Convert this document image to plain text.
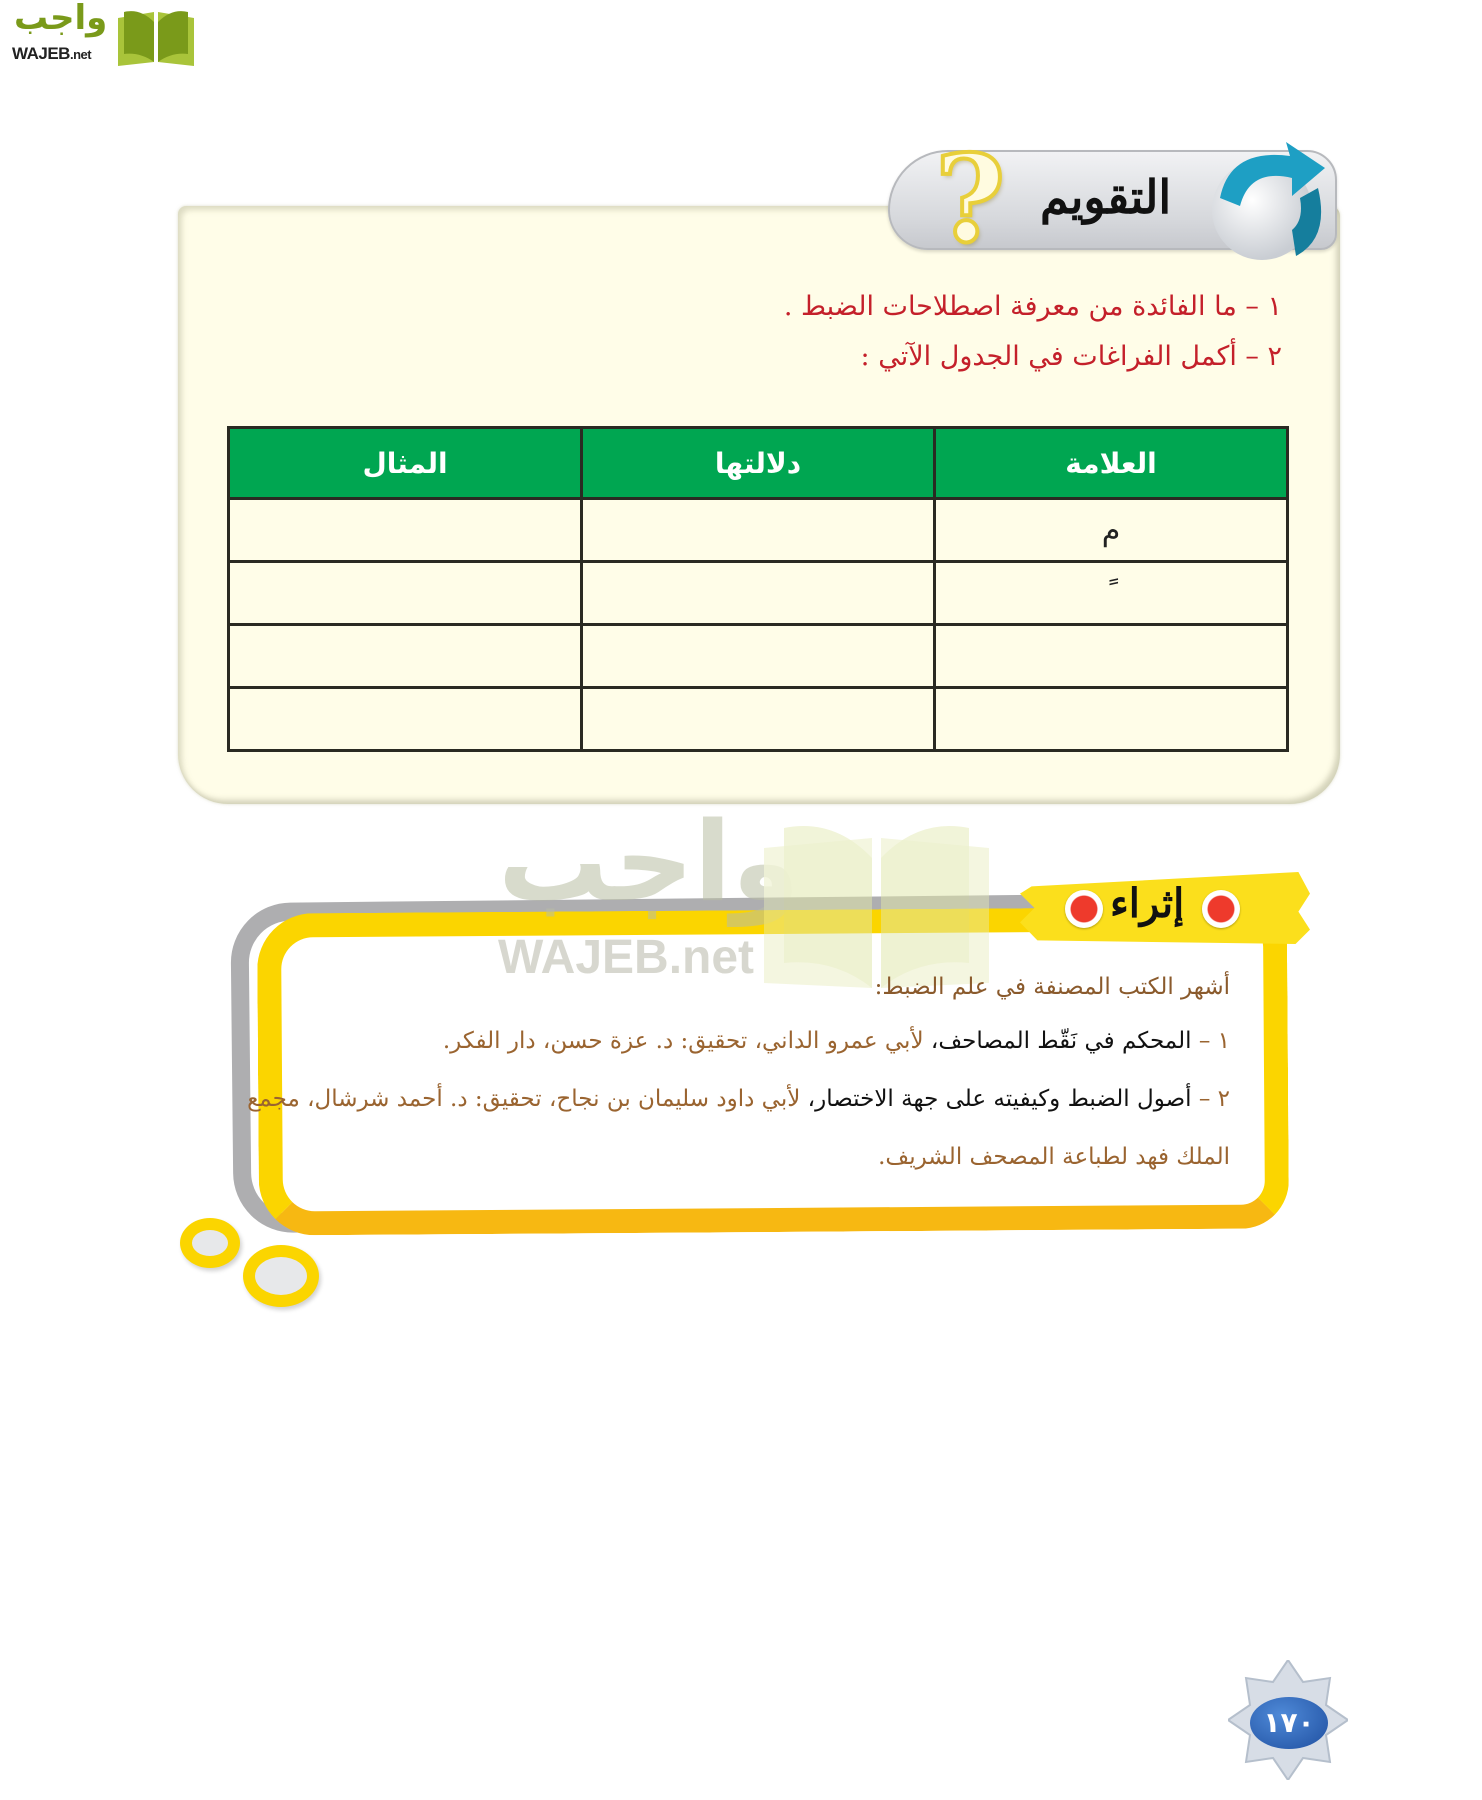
واجب
WAJEB.net
? التقويم
١ – ما الفائدة من معرفة اصطلاحات الضبط .
٢ – أكمل الفراغات في الجدول الآتي :
العلامة	دلالتها	المثال
م		
ً		

واجب
WAJEB.net
إثراء
أشهر الكتب المصنفة في علم الضبط:
١ – المحكم في نَقّط المصاحف، لأبي عمرو الداني، تحقيق: د. عزة حسن، دار الفكر.
٢ – أصول الضبط وكيفيته على جهة الاختصار، لأبي داود سليمان بن نجاح، تحقيق: د. أحمد شرشال، مجمع الملك فهد لطباعة المصحف الشريف.
١٧٠
